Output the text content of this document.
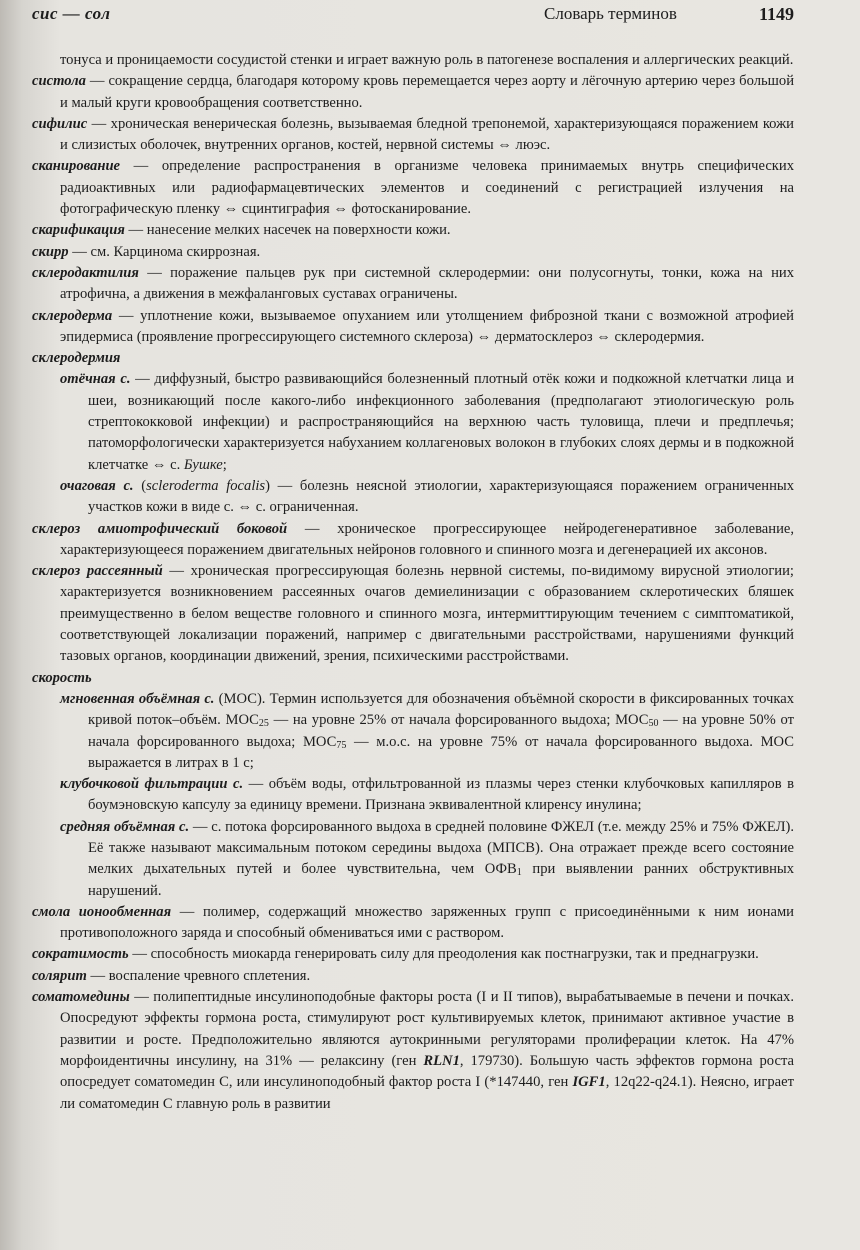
сис — сол	Словарь терминов	1149

тонуса и проницаемости сосудистой стенки и играет важную роль в патогенезе воспаления и аллергических реакций.

систола — сокращение сердца, благодаря которому кровь перемещается через аорту и лёгочную артерию через большой и малый круги кровообращения соответственно.

сифилис — хроническая венерическая болезнь, вызываемая бледной трепонемой, характеризующаяся поражением кожи и слизистых оболочек, внутренних органов, костей, нервной системы ⇔ люэс.

сканирование — определение распространения в организме человека принимаемых внутрь специфических радиоактивных или радиофармацевтических элементов и соединений с регистрацией излучения на фотографическую пленку ⇔ сцинтиграфия ⇔ фотосканирование.

скарификация — нанесение мелких насечек на поверхности кожи.

скирр — см. Карцинома скиррозная.

склеродактилия — поражение пальцев рук при системной склеродермии: они полусогнуты, тонки, кожа на них атрофична, а движения в межфаланговых суставах ограничены.

склеродерма — уплотнение кожи, вызываемое опуханием или утолщением фиброзной ткани с возможной атрофией эпидермиса (проявление прогрессирующего системного склероза) ⇔ дерматосклероз ⇔ склеродермия.

склеродермия

отёчная с. — диффузный, быстро развивающийся болезненный плотный отёк кожи и подкожной клетчатки лица и шеи, возникающий после какого-либо инфекционного заболевания (предполагают этиологическую роль стрептококковой инфекции) и распространяющийся на верхнюю часть туловища, плечи и предплечья; патоморфологически характеризуется набуханием коллагеновых волокон в глубоких слоях дермы и в подкожной клетчатке ⇔ с. Бушке;

очаговая с. (scleroderma focalis) — болезнь неясной этиологии, характеризующаяся поражением ограниченных участков кожи в виде с. ⇔ с. ограниченная.

склероз амиотрофический боковой — хроническое прогрессирующее нейродегенеративное заболевание, характеризующееся поражением двигательных нейронов головного и спинного мозга и дегенерацией их аксонов.

склероз рассеянный — хроническая прогрессирующая болезнь нервной системы, по-видимому вирусной этиологии; характеризуется возникновением рассеянных очагов демиелинизации с образованием склеротических бляшек преимущественно в белом веществе головного и спинного мозга, интермиттирующим течением с симптоматикой, соответствующей локализации поражений, например с двигательными расстройствами, нарушениями функций тазовых органов, координации движений, зрения, психическими расстройствами.

скорость

мгновенная объёмная с. (МОС). Термин используется для обозначения объёмной скорости в фиксированных точках кривой поток–объём. $МОС_{25}$ — на уровне 25% от начала форсированного выдоха; $МОС_{50}$ — на уровне 50% от начала форсированного выдоха; $МОС_{75}$ — м.о.с. на уровне 75% от начала форсированного выдоха. МОС выражается в литрах в 1 с;

клубочковой фильтрации с. — объём воды, отфильтрованной из плазмы через стенки клубочковых капилляров в боумэновскую капсулу за единицу времени. Признана эквивалентной клиренсу инулина;

средняя объёмная с. — с. потока форсированного выдоха в средней половине ФЖЕЛ (т.е. между 25% и 75% ФЖЕЛ). Её также называют максимальным потоком середины выдоха (МПСВ). Она отражает прежде всего состояние мелких дыхательных путей и более чувствительна, чем $ОФВ_1$ при выявлении ранних обструктивных нарушений.

смола ионообменная — полимер, содержащий множество заряженных групп с присоединёнными к ним ионами противоположного заряда и способный обмениваться ими с раствором.

сократимость — способность миокарда генерировать силу для преодоления как постнагрузки, так и преднагрузки.

солярит — воспаление чревного сплетения.

соматомедины — полипептидные инсулиноподобные факторы роста (I и II типов), вырабатываемые в печени и почках. Опосредуют эффекты гормона роста, стимулируют рост культивируемых клеток, принимают активное участие в развитии и росте. Предположительно являются аутокринными регуляторами пролиферации клеток. На 47% морфоидентичны инсулину, на 31% — релаксину (ген RLN1, 179730). Большую часть эффектов гормона роста опосредует соматомедин С, или инсулиноподобный фактор роста I (*147440, ген IGF1, 12q22-q24.1). Неясно, играет ли соматомедин С главную роль в развитии
